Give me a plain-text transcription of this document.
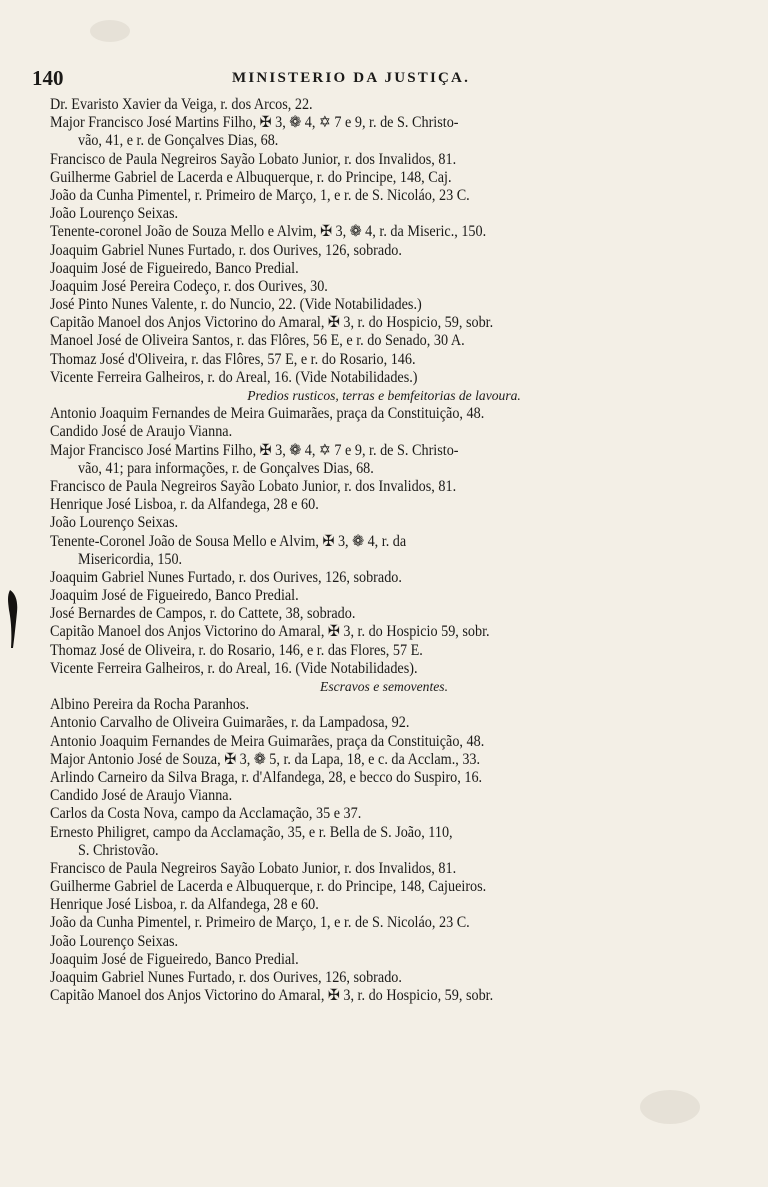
140	MINISTERIO DA JUSTIÇA.
Dr. Evaristo Xavier da Veiga, r. dos Arcos, 22.
Major Francisco José Martins Filho, ✠ 3, ❁ 4, ✡ 7 e 9, r. de S. Christo-
vão, 41, e r. de Gonçalves Dias, 68.
Francisco de Paula Negreiros Sayão Lobato Junior, r. dos Invalidos, 81.
Guilherme Gabriel de Lacerda e Albuquerque, r. do Principe, 148, Caj.
João da Cunha Pimentel, r. Primeiro de Março, 1, e r. de S. Nicoláo, 23 C.
João Lourenço Seixas.
Tenente-coronel João de Souza Mello e Alvim, ✠ 3, ❁ 4, r. da Miseric., 150.
Joaquim Gabriel Nunes Furtado, r. dos Ourives, 126, sobrado.
Joaquim José de Figueiredo, Banco Predial.
Joaquim José Pereira Codeço, r. dos Ourives, 30.
José Pinto Nunes Valente, r. do Nuncio, 22. (Vide Notabilidades.)
Capitão Manoel dos Anjos Victorino do Amaral, ✠ 3, r. do Hospicio, 59, sobr.
Manoel José de Oliveira Santos, r. das Flôres, 56 E, e r. do Senado, 30 A.
Thomaz José d'Oliveira, r. das Flôres, 57 E, e r. do Rosario, 146.
Vicente Ferreira Galheiros, r. do Areal, 16. (Vide Notabilidades.)
Predios rusticos, terras e bemfeitorias de lavoura.
Antonio Joaquim Fernandes de Meira Guimarães, praça da Constituição, 48.
Candido José de Araujo Vianna.
Major Francisco José Martins Filho, ✠ 3, ❁ 4, ✡ 7 e 9, r. de S. Christo-
vão, 41; para informações, r. de Gonçalves Dias, 68.
Francisco de Paula Negreiros Sayão Lobato Junior, r. dos Invalidos, 81.
Henrique José Lisboa, r. da Alfandega, 28 e 60.
João Lourenço Seixas.
Tenente-Coronel João de Sousa Mello e Alvim, ✠ 3, ❁ 4, r. da
Misericordia, 150.
Joaquim Gabriel Nunes Furtado, r. dos Ourives, 126, sobrado.
Joaquim José de Figueiredo, Banco Predial.
José Bernardes de Campos, r. do Cattete, 38, sobrado.
Capitão Manoel dos Anjos Victorino do Amaral, ✠ 3, r. do Hospicio 59, sobr.
Thomaz José de Oliveira, r. do Rosario, 146, e r. das Flores, 57 E.
Vicente Ferreira Galheiros, r. do Areal, 16. (Vide Notabilidades).
Escravos e semoventes.
Albino Pereira da Rocha Paranhos.
Antonio Carvalho de Oliveira Guimarães, r. da Lampadosa, 92.
Antonio Joaquim Fernandes de Meira Guimarães, praça da Constituição, 48.
Major Antonio José de Souza, ✠ 3, ❁ 5, r. da Lapa, 18, e c. da Acclam., 33.
Arlindo Carneiro da Silva Braga, r. d'Alfandega, 28, e becco do Suspiro, 16.
Candido José de Araujo Vianna.
Carlos da Costa Nova, campo da Acclamação, 35 e 37.
Ernesto Philigret, campo da Acclamação, 35, e r. Bella de S. João, 110,
S. Christovão.
Francisco de Paula Negreiros Sayão Lobato Junior, r. dos Invalidos, 81.
Guilherme Gabriel de Lacerda e Albuquerque, r. do Principe, 148, Cajueiros.
Henrique José Lisboa, r. da Alfandega, 28 e 60.
João da Cunha Pimentel, r. Primeiro de Março, 1, e r. de S. Nicoláo, 23 C.
João Lourenço Seixas.
Joaquim José de Figueiredo, Banco Predial.
Joaquim Gabriel Nunes Furtado, r. dos Ourives, 126, sobrado.
Capitão Manoel dos Anjos Victorino do Amaral, ✠ 3, r. do Hospicio, 59, sobr.
